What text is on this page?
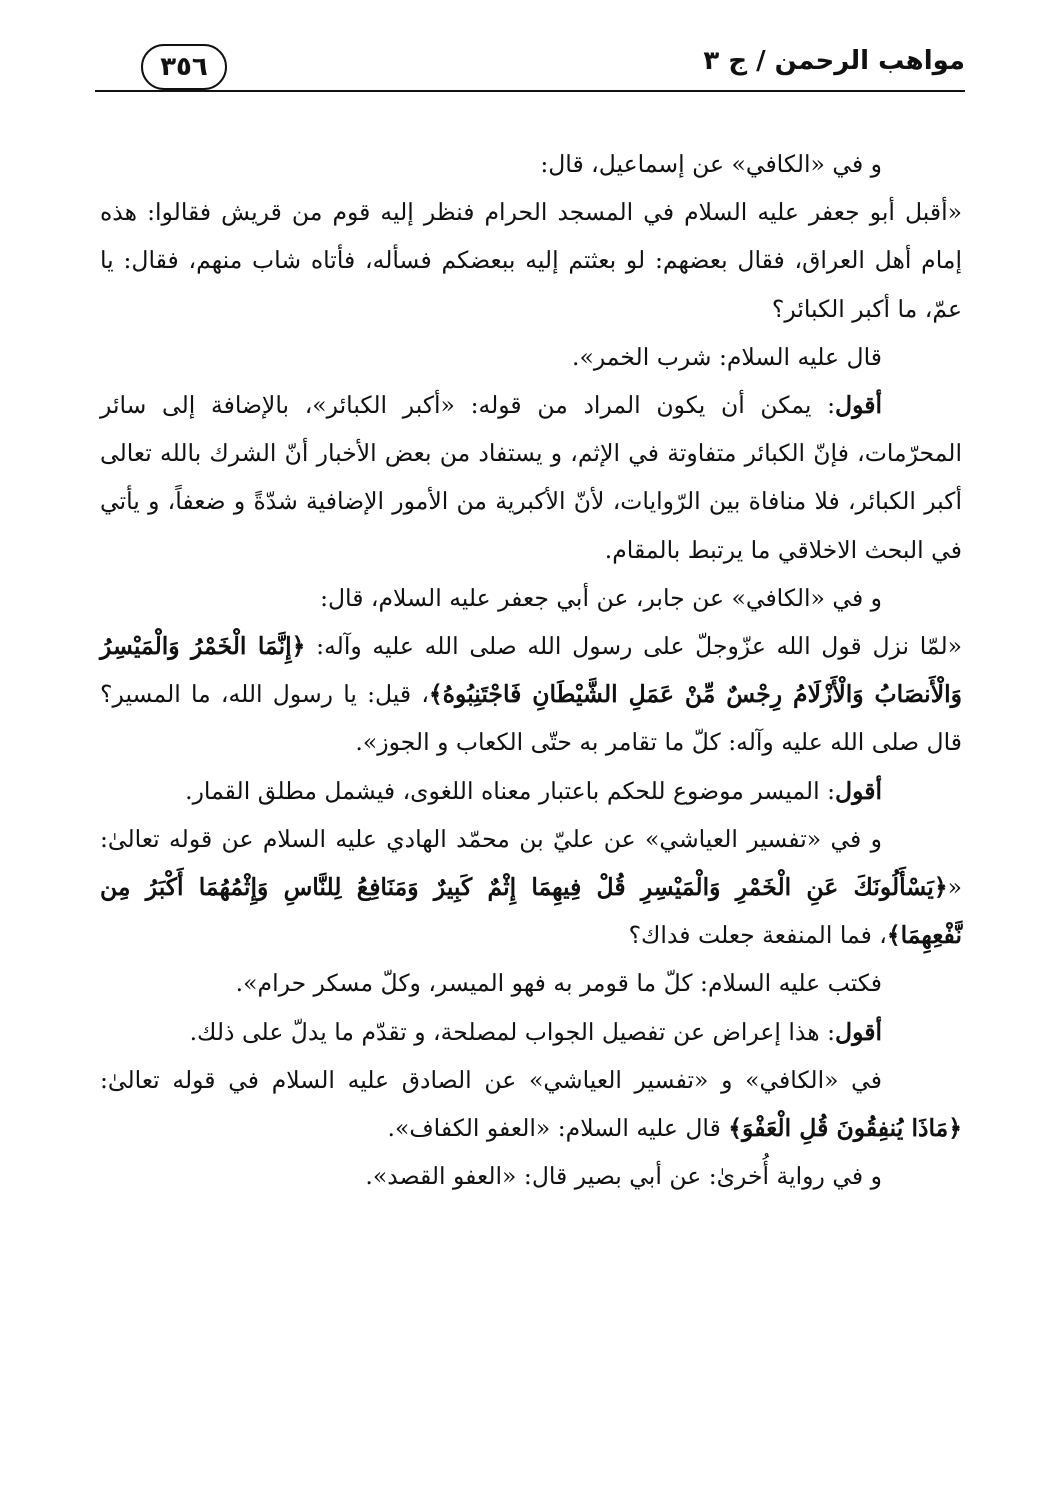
مواهب الرحمن / ج ٣
٣٥٦

و في «الكافي» عن إسماعيل، قال:

«أقبل أبو جعفر عليه السلام في المسجد الحرام فنظر إليه قوم من قريش فقالوا: هذه إمام أهل العراق، فقال بعضهم: لو بعثتم إليه ببعضكم فسأله، فأتاه شاب منهم، فقال: يا عمّ، ما أكبر الكبائر؟

قال عليه السلام: شرب الخمر».

أقول: يمكن أن يكون المراد من قوله: «أكبر الكبائر»، بالإضافة إلى سائر المحرّمات، فإنّ الكبائر متفاوتة في الإثم، و يستفاد من بعض الأخبار أنّ الشرك بالله تعالى أكبر الكبائر، فلا منافاة بين الرّوايات، لأنّ الأكبرية من الأمور الإضافية شدّةً و ضعفاً، و يأتي في البحث الاخلاقي ما يرتبط بالمقام.

و في «الكافي» عن جابر، عن أبي جعفر عليه السلام، قال:

«لمّا نزل قول الله عزّوجلّ على رسول الله صلى الله عليه وآله: ﴿إِنَّمَا الْخَمْرُ وَالْمَيْسِرُ وَالْأَنصَابُ وَالْأَزْلَامُ رِجْسٌ مِّنْ عَمَلِ الشَّيْطَانِ فَاجْتَنِبُوهُ﴾، قيل: يا رسول الله، ما المسير؟ قال صلى الله عليه وآله: كلّ ما تقامر به حتّى الكعاب و الجوز».

أقول: الميسر موضوع للحكم باعتبار معناه اللغوى، فيشمل مطلق القمار.

و في «تفسير العياشي» عن عليّ بن محمّد الهادي عليه السلام عن قوله تعالىٰ: «﴿يَسْأَلُونَكَ عَنِ الْخَمْرِ وَالْمَيْسِرِ قُلْ فِيهِمَا إِثْمٌ كَبِيرٌ وَمَنَافِعُ لِلنَّاسِ وَإِثْمُهُمَا أَكْبَرُ مِن نَّفْعِهِمَا﴾، فما المنفعة جعلت فداك؟

فكتب عليه السلام: كلّ ما قومر به فهو الميسر، وكلّ مسكر حرام».

أقول: هذا إعراض عن تفصيل الجواب لمصلحة، و تقدّم ما يدلّ على ذلك.

في «الكافي» و «تفسير العياشي» عن الصادق عليه السلام في قوله تعالىٰ: ﴿مَاذَا يُنفِقُونَ قُلِ الْعَفْوَ﴾ قال عليه السلام: «العفو الكفاف».

و في رواية أُخرىٰ: عن أبي بصير قال: «العفو القصد».
